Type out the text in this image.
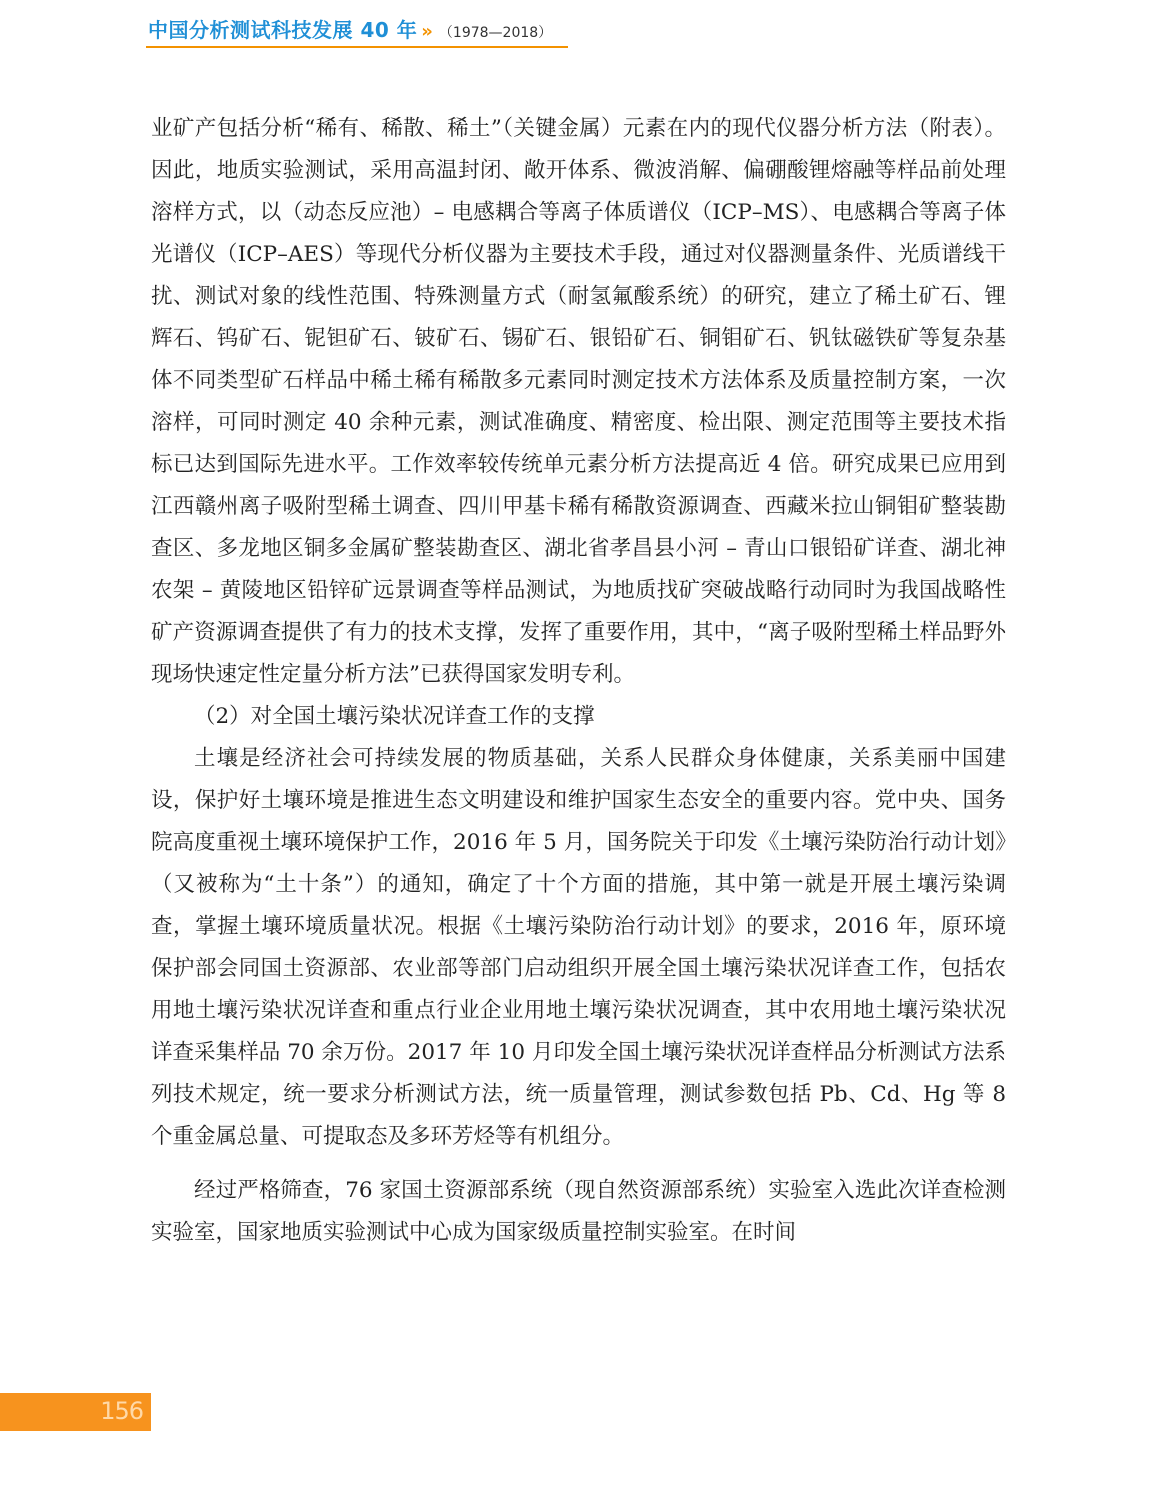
中国分析测试科技发展 40 年 » （1978—2018）

业矿产包括分析“稀有、稀散、稀土”（关键金属）元素在内的现代仪器分析方法（附表）。因此，地质实验测试，采用高温封闭、敞开体系、微波消解、偏硼酸锂熔融等样品前处理溶样方式，以（动态反应池）– 电感耦合等离子体质谱仪（ICP–MS）、电感耦合等离子体光谱仪（ICP–AES）等现代分析仪器为主要技术手段，通过对仪器测量条件、光质谱线干扰、测试对象的线性范围、特殊测量方式（耐氢氟酸系统）的研究，建立了稀土矿石、锂辉石、钨矿石、铌钽矿石、铍矿石、锡矿石、银铅矿石、铜钼矿石、钒钛磁铁矿等复杂基体不同类型矿石样品中稀土稀有稀散多元素同时测定技术方法体系及质量控制方案，一次溶样，可同时测定 40 余种元素，测试准确度、精密度、检出限、测定范围等主要技术指标已达到国际先进水平。工作效率较传统单元素分析方法提高近 4 倍。研究成果已应用到江西赣州离子吸附型稀土调查、四川甲基卡稀有稀散资源调查、西藏米拉山铜钼矿整装勘查区、多龙地区铜多金属矿整装勘查区、湖北省孝昌县小河 – 青山口银铅矿详查、湖北神农架 – 黄陵地区铅锌矿远景调查等样品测试，为地质找矿突破战略行动同时为我国战略性矿产资源调查提供了有力的技术支撑，发挥了重要作用，其中，“离子吸附型稀土样品野外现场快速定性定量分析方法”已获得国家发明专利。

（2）对全国土壤污染状况详查工作的支撑

土壤是经济社会可持续发展的物质基础，关系人民群众身体健康，关系美丽中国建设，保护好土壤环境是推进生态文明建设和维护国家生态安全的重要内容。党中央、国务院高度重视土壤环境保护工作，2016 年 5 月，国务院关于印发《土壤污染防治行动计划》（又被称为“土十条”）的通知，确定了十个方面的措施，其中第一就是开展土壤污染调查，掌握土壤环境质量状况。根据《土壤污染防治行动计划》的要求，2016 年，原环境保护部会同国土资源部、农业部等部门启动组织开展全国土壤污染状况详查工作，包括农用地土壤污染状况详查和重点行业企业用地土壤污染状况调查，其中农用地土壤污染状况详查采集样品 70 余万份。2017 年 10 月印发全国土壤污染状况详查样品分析测试方法系列技术规定，统一要求分析测试方法，统一质量管理，测试参数包括 Pb、Cd、Hg 等 8 个重金属总量、可提取态及多环芳烃等有机组分。

经过严格筛查，76 家国土资源部系统（现自然资源部系统）实验室入选此次详查检测实验室，国家地质实验测试中心成为国家级质量控制实验室。在时间

156
